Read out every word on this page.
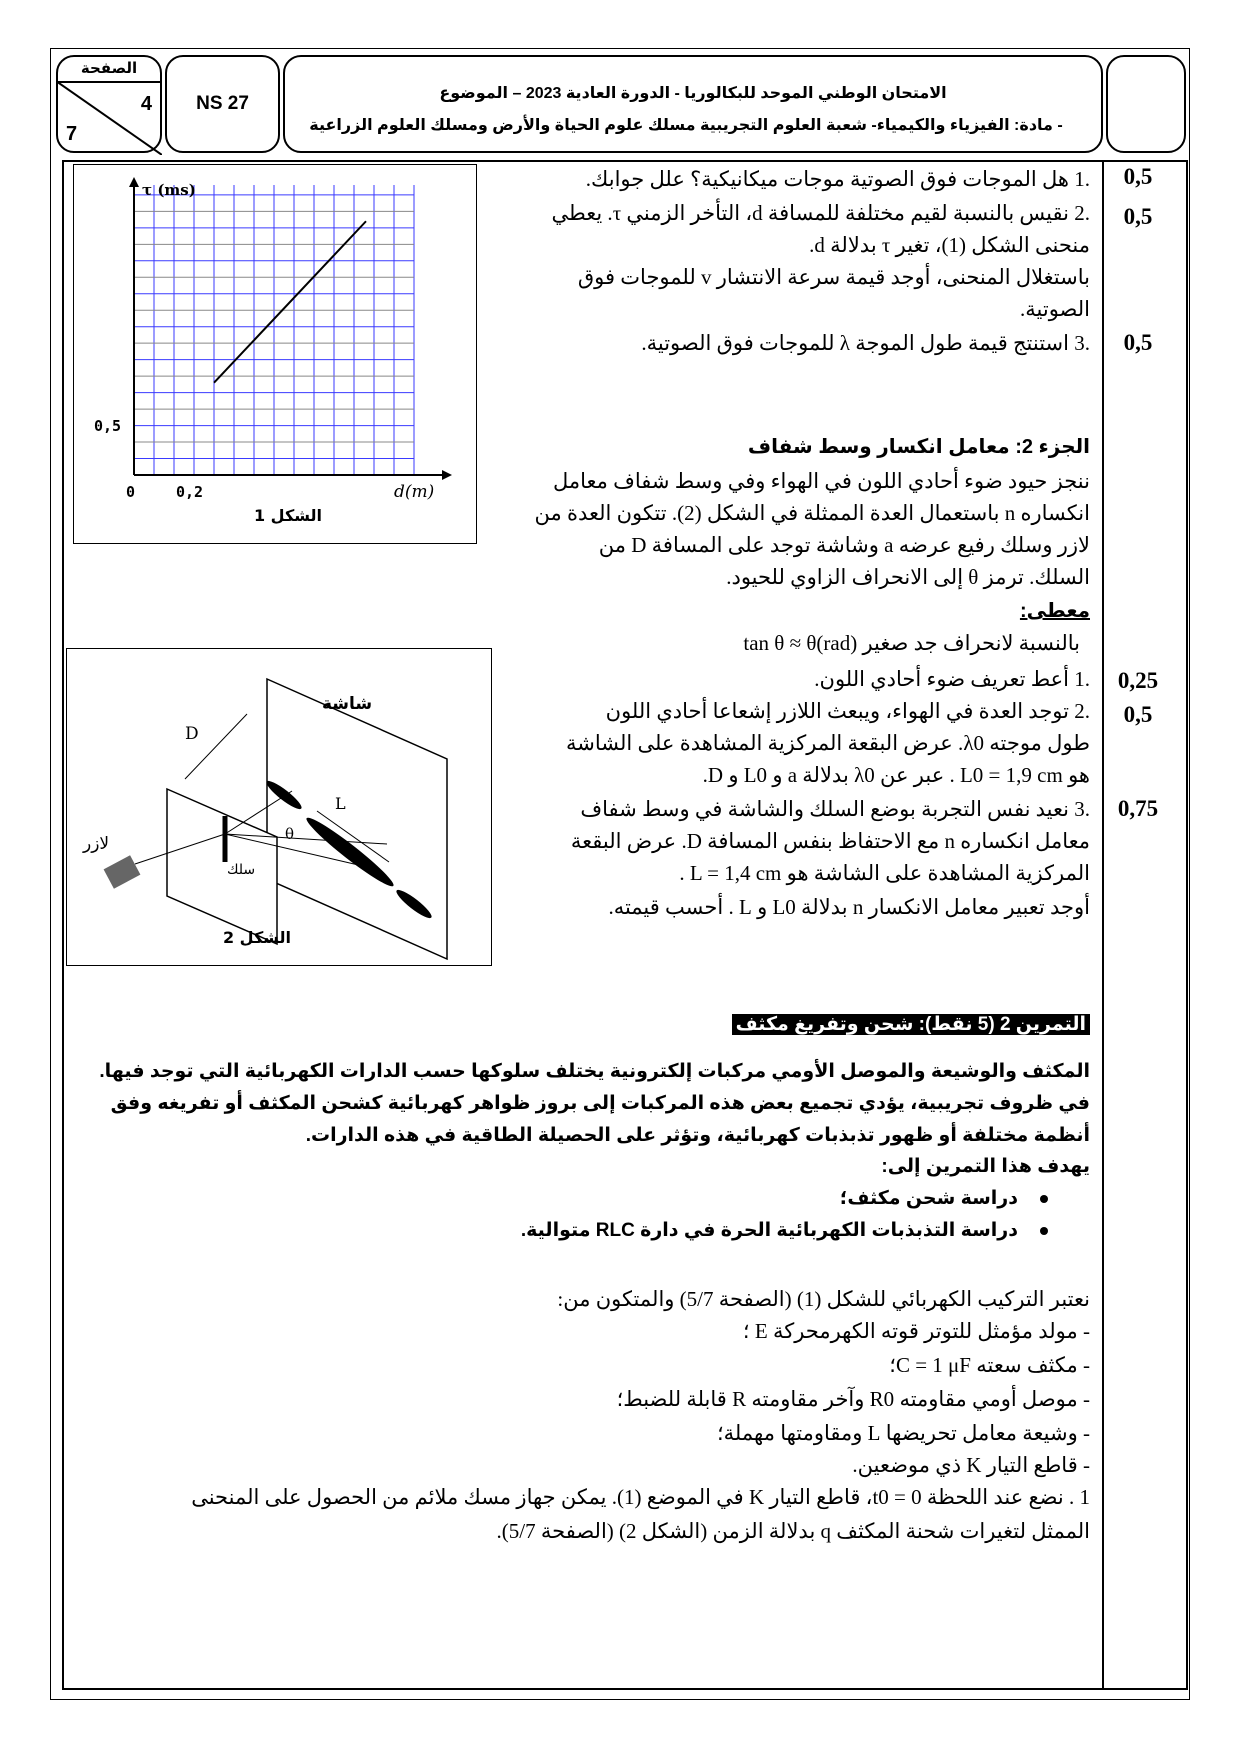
الصفحة
4
7
NS 27	الامتحان الوطني الموحد للبكالوريا - الدورة العادية 2023 – الموضوع
- مادة: الفيزياء والكيمياء- شعبة العلوم التجريبية مسلك علوم الحياة والأرض ومسلك العلوم الزراعية
τ (ms)
d(m)
0,5
0	0,2
الشكل 1
شاشة
D
L
θ
لازر
سلك
الشكل 2
0,5
.1 هل الموجات فوق الصوتية موجات ميكانيكية؟ علل جوابك.
0,5
.2 نقيس بالنسبة لقيم مختلفة للمسافة d، التأخر الزمني τ. يعطي
منحنى الشكل (1)، تغير τ بدلالة d.
باستغلال المنحنى، أوجد قيمة سرعة الانتشار v للموجات فوق
الصوتية.
0,5
.3 استنتج قيمة طول الموجة λ للموجات فوق الصوتية.
الجزء 2: معامل انكسار وسط شفاف
ننجز حيود ضوء أحادي اللون في الهواء وفي وسط شفاف معامل
انكساره n باستعمال العدة الممثلة في الشكل (2). تتكون العدة من
لازر وسلك رفيع عرضه a وشاشة توجد على المسافة D من
السلك. ترمز θ إلى الانحراف الزاوي للحيود.
معطى:
بالنسبة لانحراف جد صغير tan θ ≈ θ(rad)
0,25
.1 أعط تعريف ضوء أحادي اللون.
0,5
.2 توجد العدة في الهواء، ويبعث اللازر إشعاعا أحادي اللون
طول موجته λ0. عرض البقعة المركزية المشاهدة على الشاشة
هو L0 = 1,9 cm . عبر عن λ0 بدلالة a و L0 و D.
0,75
.3 نعيد نفس التجربة بوضع السلك والشاشة في وسط شفاف
معامل انكساره n مع الاحتفاظ بنفس المسافة D. عرض البقعة
المركزية المشاهدة على الشاشة هو L = 1,4 cm .
أوجد تعبير معامل الانكسار n بدلالة L0 و L . أحسب قيمته.
التمرين 2 (5 نقط): شحن وتفريغ مكثف
المكثف والوشيعة والموصل الأومي مركبات إلكترونية يختلف سلوكها حسب الدارات الكهربائية التي توجد فيها.
في ظروف تجريبية، يؤدي تجميع بعض هذه المركبات إلى بروز ظواهر كهربائية كشحن المكثف أو تفريغه وفق
أنظمة مختلفة أو ظهور تذبذبات كهربائية، وتؤثر على الحصيلة الطاقية في هذه الدارات.
يهدف هذا التمرين إلى:
دراسة شحن مكثف؛
دراسة التذبذبات الكهربائية الحرة في دارة RLC متوالية.
نعتبر التركيب الكهربائي للشكل (1) (الصفحة 5/7) والمتكون من:
- مولد مؤمثل للتوتر قوته الكهرمحركة E ؛
- مكثف سعته C = 1 μF؛
- موصل أومي مقاومته R0 وآخر مقاومته R قابلة للضبط؛
- وشيعة معامل تحريضها L ومقاومتها مهملة؛
- قاطع التيار K ذي موضعين.
1 . نضع عند اللحظة t0 = 0، قاطع التيار K في الموضع (1). يمكن جهاز مسك ملائم من الحصول على المنحنى
الممثل لتغيرات شحنة المكثف q بدلالة الزمن (الشكل 2) (الصفحة 5/7).
